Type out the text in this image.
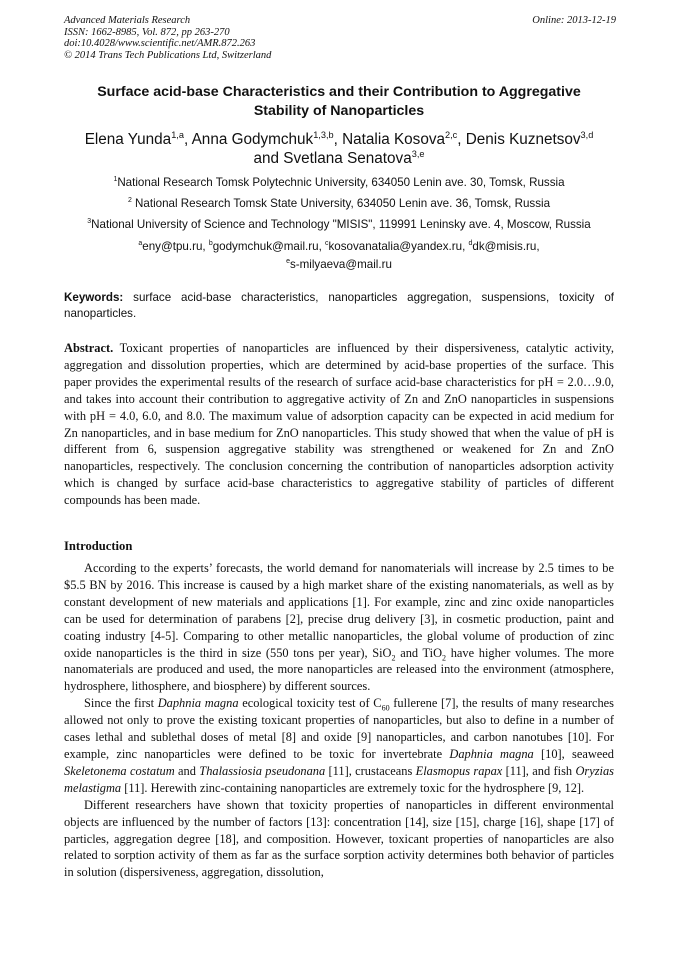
Advanced Materials Research
ISSN: 1662-8985, Vol. 872, pp 263-270
doi:10.4028/www.scientific.net/AMR.872.263
© 2014 Trans Tech Publications Ltd, Switzerland
Online: 2013-12-19
Surface acid-base Characteristics and their Contribution to Aggregative
Stability of Nanoparticles
Elena Yunda$^{1,a}$, Anna Godymchuk$^{1,3,b}$, Natalia Kosova$^{2,c}$, Denis Kuznetsov$^{3,d}$
and Svetlana Senatova$^{3,e}$
$^1$National Research Tomsk Polytechnic University, 634050 Lenin ave. 30, Tomsk, Russia
$^2$ National Research Tomsk State University, 634050 Lenin ave. 36, Tomsk, Russia
$^3$National University of Science and Technology "MISIS", 119991 Leninsky ave. 4, Moscow, Russia
$^a$eny@tpu.ru, $^b$godymchuk@mail.ru, $^c$kosovanatalia@yandex.ru, $^d$dk@misis.ru,
$^e$s-milyaeva@mail.ru
Keywords: surface acid-base characteristics, nanoparticles aggregation, suspensions, toxicity of nanoparticles.

Abstract. Toxicant properties of nanoparticles are influenced by their dispersiveness, catalytic activity, aggregation and dissolution properties, which are determined by acid-base properties of the surface. This paper provides the experimental results of the research of surface acid-base characteristics for pH = 2.0…9.0, and takes into account their contribution to aggregative activity of Zn and ZnO nanoparticles in suspensions with pH = 4.0, 6.0, and 8.0. The maximum value of adsorption capacity can be expected in acid medium for Zn nanoparticles, and in base medium for ZnO nanoparticles. This study showed that when the value of pH is different from 6, suspension aggregative stability was strengthened or weakened for Zn and ZnO nanoparticles, respectively. The conclusion concerning the contribution of nanoparticles adsorption activity which is changed by surface acid-base characteristics to aggregative stability of particles of different compounds has been made.

Introduction

According to the experts’ forecasts, the world demand for nanomaterials will increase by 2.5 times to be $5.5 BN by 2016. This increase is caused by a high market share of the existing nanomaterials, as well as by constant development of new materials and applications [1]. For example, zinc and zinc oxide nanoparticles can be used for determination of parabens [2], precise drug delivery [3], in cosmetic production, paint and coating industry [4-5]. Comparing to other metallic nanoparticles, the global volume of production of zinc oxide nanoparticles is the third in size (550 tons per year), SiO$_2$ and TiO$_2$ have higher volumes. The more nanomaterials are produced and used, the more nanoparticles are released into the environment (atmosphere, hydrosphere, lithosphere, and biosphere) by different sources.

Since the first Daphnia magna ecological toxicity test of $C_{60}$ fullerene [7], the results of many researches allowed not only to prove the existing toxicant properties of nanoparticles, but also to define in a number of cases lethal and sublethal doses of metal [8] and oxide [9] nanoparticles, and carbon nanotubes [10]. For example, zinc nanoparticles were defined to be toxic for invertebrate Daphnia magna [10], seaweed Skeletonema costatum and Thalassiosia pseudonana [11], crustaceans Elasmopus rapax [11], and fish Oryzias melastigma [11]. Herewith zinc-containing nanoparticles are extremely toxic for the hydrosphere [9, 12].

Different researchers have shown that toxicity properties of nanoparticles in different environmental objects are influenced by the number of factors [13]: concentration [14], size [15], charge [16], shape [17] of particles, aggregation degree [18], and composition. However, toxicant properties of nanoparticles are also related to sorption activity of them as far as the surface sorption activity determines both behavior of particles in solution (dispersiveness, aggregation, dissolution,
